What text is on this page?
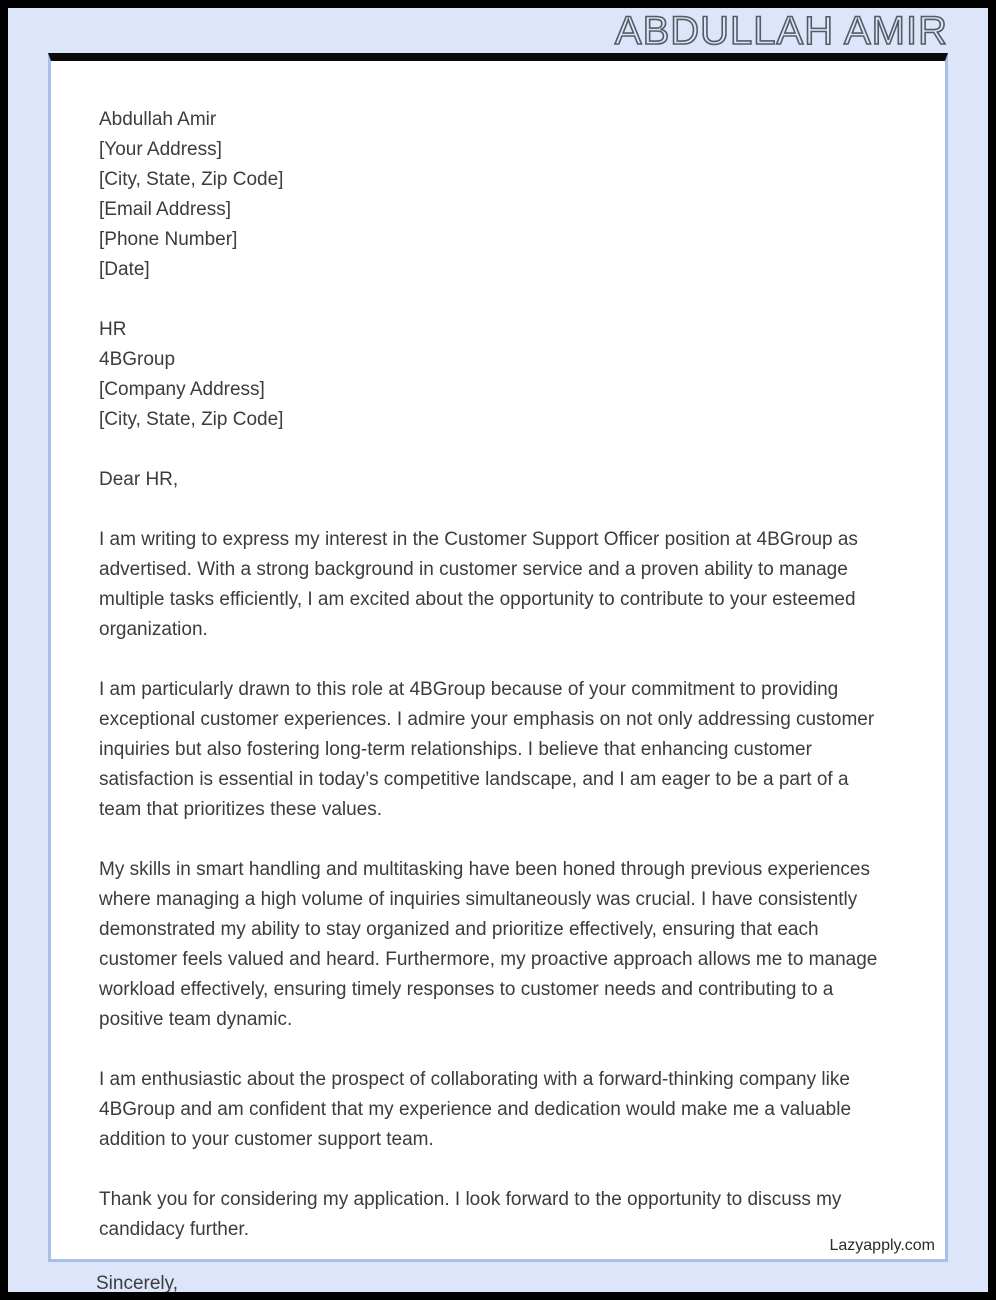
ABDULLAH AMIR
Abdullah Amir
[Your Address]
[City, State, Zip Code]
[Email Address]
[Phone Number]
[Date]
HR
4BGroup
[Company Address]
[City, State, Zip Code]
Dear HR,
I am writing to express my interest in the Customer Support Officer position at 4BGroup as advertised. With a strong background in customer service and a proven ability to manage multiple tasks efficiently, I am excited about the opportunity to contribute to your esteemed organization.
I am particularly drawn to this role at 4BGroup because of your commitment to providing exceptional customer experiences. I admire your emphasis on not only addressing customer inquiries but also fostering long-term relationships. I believe that enhancing customer satisfaction is essential in today’s competitive landscape, and I am eager to be a part of a team that prioritizes these values.
My skills in smart handling and multitasking have been honed through previous experiences where managing a high volume of inquiries simultaneously was crucial. I have consistently demonstrated my ability to stay organized and prioritize effectively, ensuring that each customer feels valued and heard. Furthermore, my proactive approach allows me to manage workload effectively, ensuring timely responses to customer needs and contributing to a positive team dynamic.
I am enthusiastic about the prospect of collaborating with a forward-thinking company like 4BGroup and am confident that my experience and dedication would make me a valuable addition to your customer support team.
Thank you for considering my application. I look forward to the opportunity to discuss my candidacy further.
Lazyapply.com
Sincerely,
